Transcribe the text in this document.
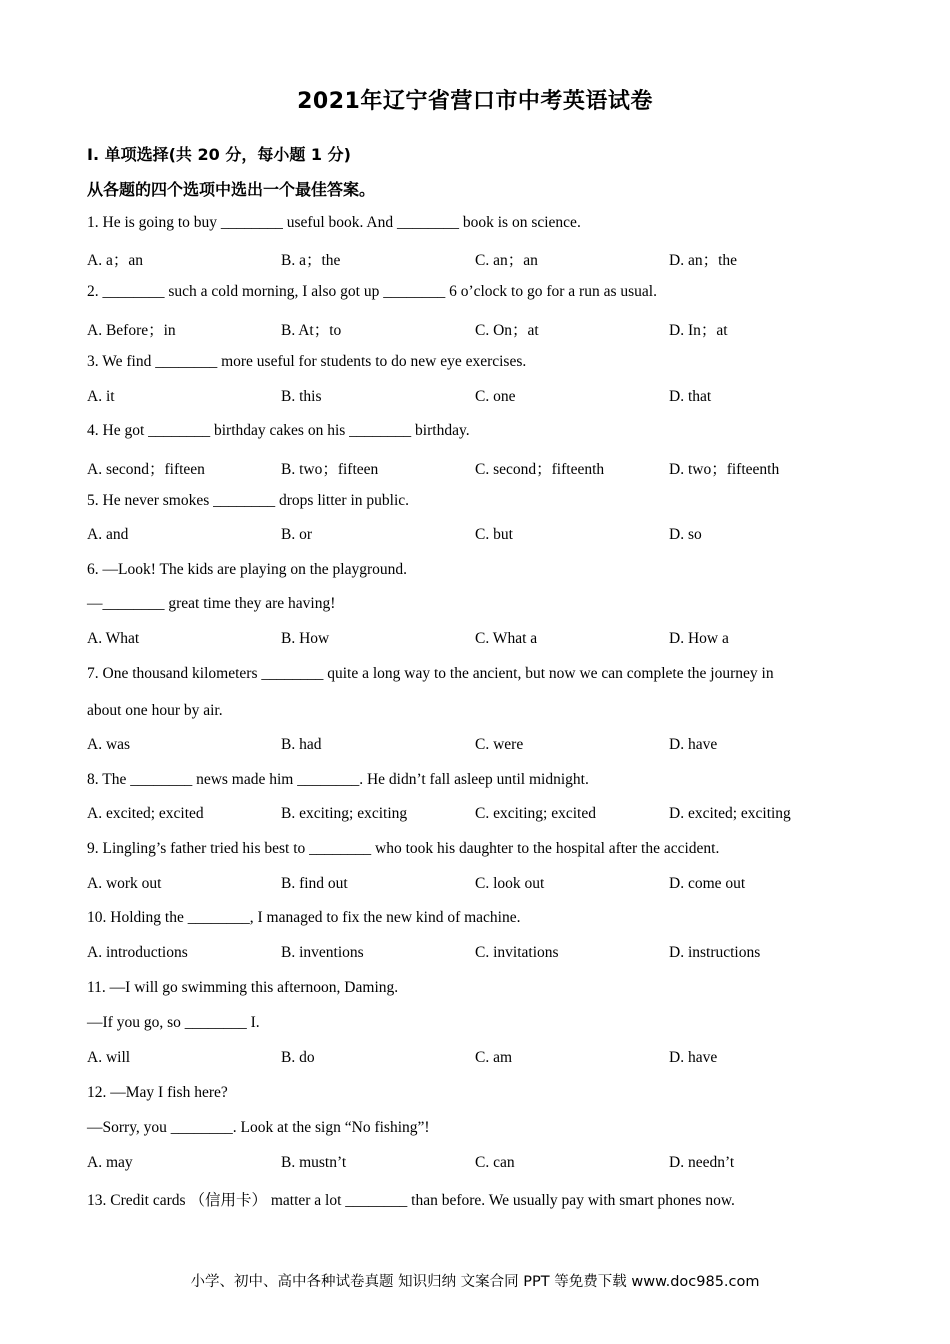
2021年辽宁省营口市中考英语试卷
Ⅰ. 单项选择(共 20 分，每小题 1 分)
从各题的四个选项中选出一个最佳答案。
1. He is going to buy ________ useful book. And ________ book is on science.
A. a；an	B. a；the	C. an；an	D. an；the
2. ________ such a cold morning, I also got up ________ 6 o’clock to go for a run as usual.
A. Before；in	B. At；to	C. On；at	D. In；at
3. We find ________ more useful for students to do new eye exercises.
A. it	B. this	C. one	D. that
4. He got ________ birthday cakes on his ________ birthday.
A. second；fifteen	B. two；fifteen	C. second；fifteenth	D. two；fifteenth
5. He never smokes ________ drops litter in public.
A. and	B. or	C. but	D. so
6. —Look! The kids are playing on the playground.
—________ great time they are having!
A. What	B. How	C. What a	D. How a
7. One thousand kilometers ________ quite a long way to the ancient, but now we can complete the journey in
about one hour by air.
A. was	B. had	C. were	D. have
8. The ________ news made him ________. He didn’t fall asleep until midnight.
A. excited; excited	B. exciting; exciting	C. exciting; excited	D. excited; exciting
9. Lingling’s father tried his best to ________ who took his daughter to the hospital after the accident.
A. work out	B. find out	C. look out	D. come out
10. Holding the ________, I managed to fix the new kind of machine.
A. introductions	B. inventions	C. invitations	D. instructions
11. —I will go swimming this afternoon, Daming.
—If you go, so ________ I.
A. will	B. do	C. am	D. have
12. —May I fish here?
—Sorry, you ________. Look at the sign “No fishing”!
A. may	B. mustn’t	C. can	D. needn’t
13. Credit cards （信用卡） matter a lot ________ than before. We usually pay with smart phones now.
小学、初中、高中各种试卷真题 知识归纳 文案合同 PPT 等免费下载 www.doc985.com
